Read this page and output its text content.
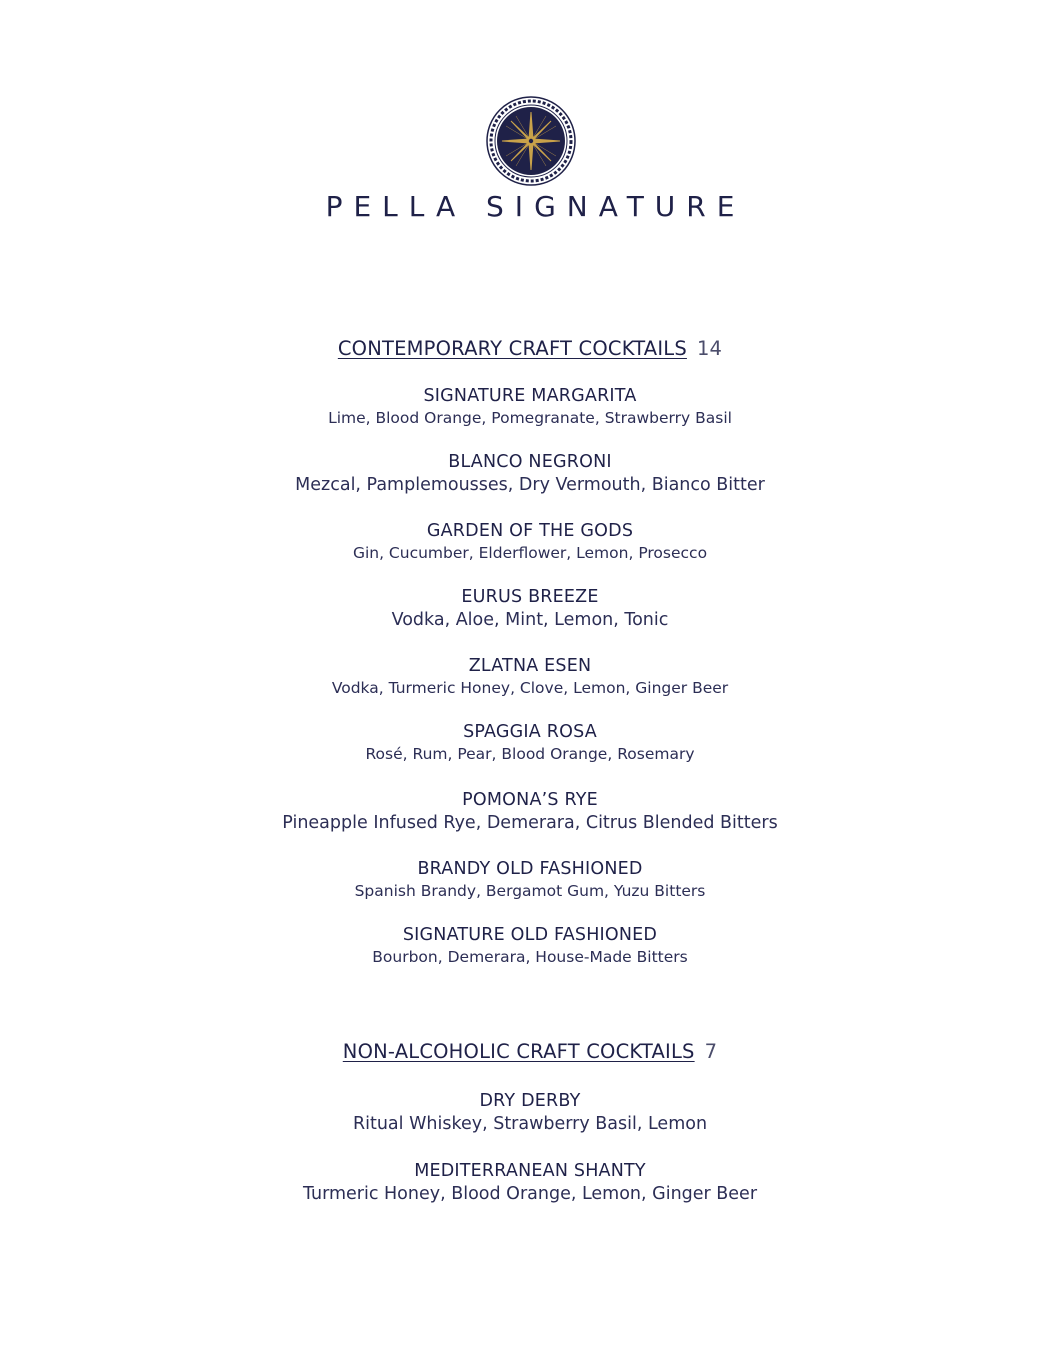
PELLA SIGNATURE
CONTEMPORARY CRAFT COCKTAILS 14
SIGNATURE MARGARITA
Lime, Blood Orange, Pomegranate, Strawberry Basil
BLANCO NEGRONI
Mezcal, Pamplemousses, Dry Vermouth, Bianco Bitter
GARDEN OF THE GODS
Gin, Cucumber, Elderflower, Lemon, Prosecco
EURUS BREEZE
Vodka, Aloe, Mint, Lemon, Tonic
ZLATNA ESEN
Vodka, Turmeric Honey, Clove, Lemon, Ginger Beer
SPAGGIA ROSA
Rosé, Rum, Pear, Blood Orange, Rosemary
POMONA’S RYE
Pineapple Infused Rye, Demerara, Citrus Blended Bitters
BRANDY OLD FASHIONED
Spanish Brandy, Bergamot Gum, Yuzu Bitters
SIGNATURE OLD FASHIONED
Bourbon, Demerara, House-Made Bitters
NON-ALCOHOLIC CRAFT COCKTAILS 7
DRY DERBY
Ritual Whiskey, Strawberry Basil, Lemon
MEDITERRANEAN SHANTY
Turmeric Honey, Blood Orange, Lemon, Ginger Beer
